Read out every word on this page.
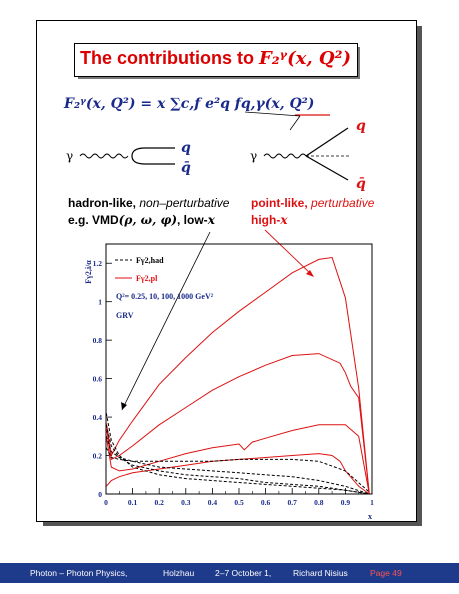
The contributions to F₂ᵞ(x, Q²)
F₂ᵞ(x, Q²) = x ∑c,f e²q fq,γ(x, Q²)
0	0.1 0.2 0.3 0.4 0.5 0.6 0.7 0.8 0.9	1
0
0.2
0.4
0.6
0.8
1
1.2	Fγ2,had
Fγ2,pl
Q²= 0.25, 10, 100, 1000 GeV²
GRV
Fγ2,i/α
x
γ	q
q̄
γ
q
q̄
hadron-like, non–perturbative
e.g. VMD(ρ, ω, φ), low-x
point-like, perturbative
high-x
Photon – Photon Physics,	Holzhau 2–7 October 1,	Richard Nisius	Page 49
